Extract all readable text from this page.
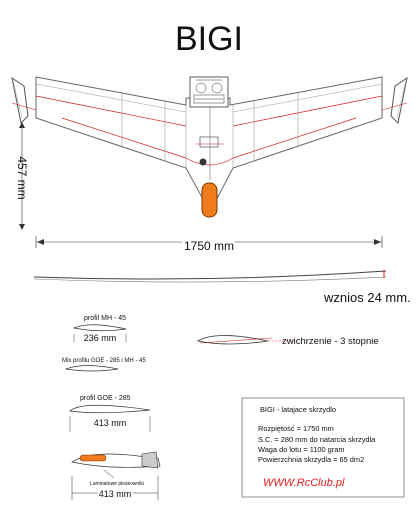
BIGI
457 mm
1750 mm
wznios 24 mm.
profil MH - 45
236 mm
Mix profilu GOE - 285 i MH - 45
profil GOE - 285
413 mm
zwichrzenie - 3 stopnie
Laminatowe ploskowniki
413 mm
BIGI - latajace skrzydlo
Rozpiętość = 1750 mm
S.C. = 280 mm do natarcia skrzydla
Waga do lotu = 1100 gram
Powierzchnia skrzydla = 65 dm2
WWW.RcClub.pl
